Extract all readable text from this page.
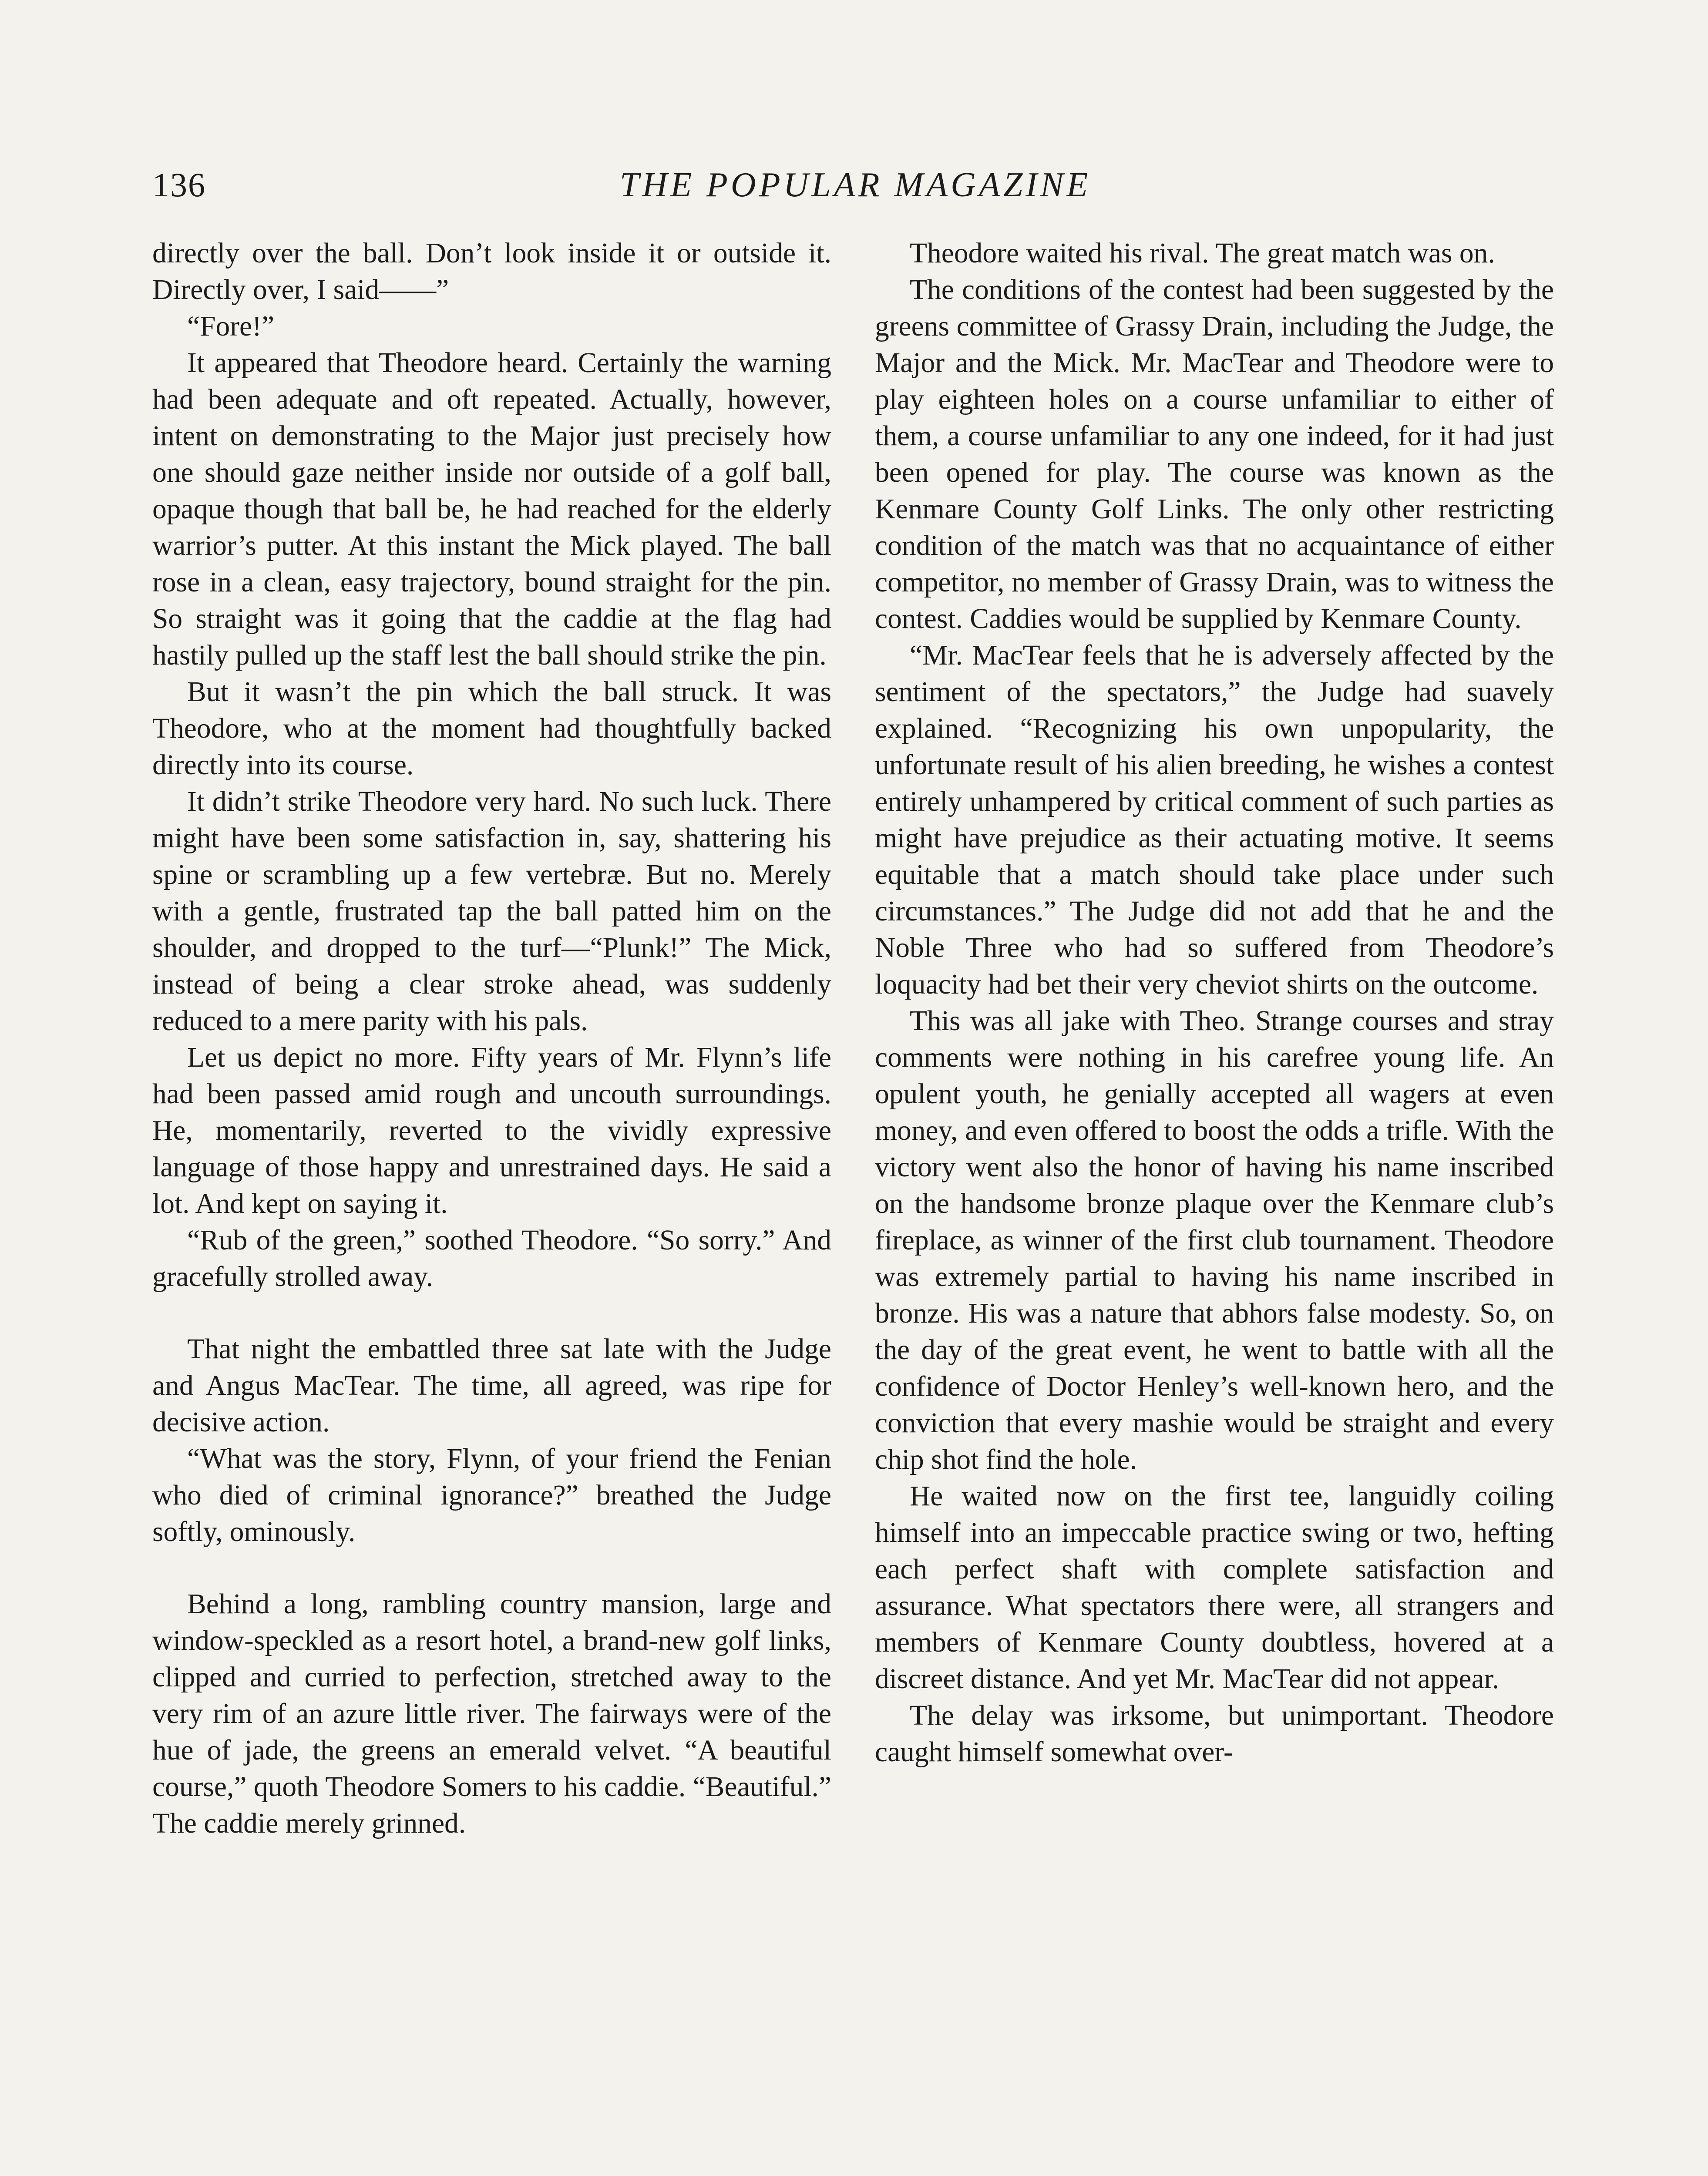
136	THE POPULAR MAGAZINE

directly over the ball. Don’t look inside it or outside it. Directly over, I said——”

“Fore!”

It appeared that Theodore heard. Certainly the warning had been adequate and oft repeated. Actually, however, intent on demonstrating to the Major just precisely how one should gaze neither inside nor outside of a golf ball, opaque though that ball be, he had reached for the elderly warrior’s putter. At this instant the Mick played. The ball rose in a clean, easy trajectory, bound straight for the pin. So straight was it going that the caddie at the flag had hastily pulled up the staff lest the ball should strike the pin.

But it wasn’t the pin which the ball struck. It was Theodore, who at the moment had thoughtfully backed directly into its course.

It didn’t strike Theodore very hard. No such luck. There might have been some satisfaction in, say, shattering his spine or scrambling up a few vertebræ. But no. Merely with a gentle, frustrated tap the ball patted him on the shoulder, and dropped to the turf—“Plunk!” The Mick, instead of being a clear stroke ahead, was suddenly reduced to a mere parity with his pals.

Let us depict no more. Fifty years of Mr. Flynn’s life had been passed amid rough and uncouth surroundings. He, momentarily, reverted to the vividly expressive language of those happy and unrestrained days. He said a lot. And kept on saying it.

“Rub of the green,” soothed Theodore. “So sorry.” And gracefully strolled away.

That night the embattled three sat late with the Judge and Angus MacTear. The time, all agreed, was ripe for decisive action.

“What was the story, Flynn, of your friend the Fenian who died of criminal ignorance?” breathed the Judge softly, ominously.

Behind a long, rambling country mansion, large and window-speckled as a resort hotel, a brand-new golf links, clipped and curried to perfection, stretched away to the very rim of an azure little river. The fairways were of the hue of jade, the greens an emerald velvet. “A beautiful course,” quoth Theodore Somers to his caddie. “Beautiful.” The caddie merely grinned.

Theodore waited his rival. The great match was on.

The conditions of the contest had been suggested by the greens committee of Grassy Drain, including the Judge, the Major and the Mick. Mr. MacTear and Theodore were to play eighteen holes on a course unfamiliar to either of them, a course unfamiliar to any one indeed, for it had just been opened for play. The course was known as the Kenmare County Golf Links. The only other restricting condition of the match was that no acquaintance of either competitor, no member of Grassy Drain, was to witness the contest. Caddies would be supplied by Kenmare County.

“Mr. MacTear feels that he is adversely affected by the sentiment of the spectators,” the Judge had suavely explained. “Recognizing his own unpopularity, the unfortunate result of his alien breeding, he wishes a contest entirely unhampered by critical comment of such parties as might have prejudice as their actuating motive. It seems equitable that a match should take place under such circumstances.” The Judge did not add that he and the Noble Three who had so suffered from Theodore’s loquacity had bet their very cheviot shirts on the outcome.

This was all jake with Theo. Strange courses and stray comments were nothing in his carefree young life. An opulent youth, he genially accepted all wagers at even money, and even offered to boost the odds a trifle. With the victory went also the honor of having his name inscribed on the handsome bronze plaque over the Kenmare club’s fireplace, as winner of the first club tournament. Theodore was extremely partial to having his name inscribed in bronze. His was a nature that abhors false modesty. So, on the day of the great event, he went to battle with all the confidence of Doctor Henley’s well-known hero, and the conviction that every mashie would be straight and every chip shot find the hole.

He waited now on the first tee, languidly coiling himself into an impeccable practice swing or two, hefting each perfect shaft with complete satisfaction and assurance. What spectators there were, all strangers and members of Kenmare County doubtless, hovered at a discreet distance. And yet Mr. MacTear did not appear.

The delay was irksome, but unimportant. Theodore caught himself somewhat over-
